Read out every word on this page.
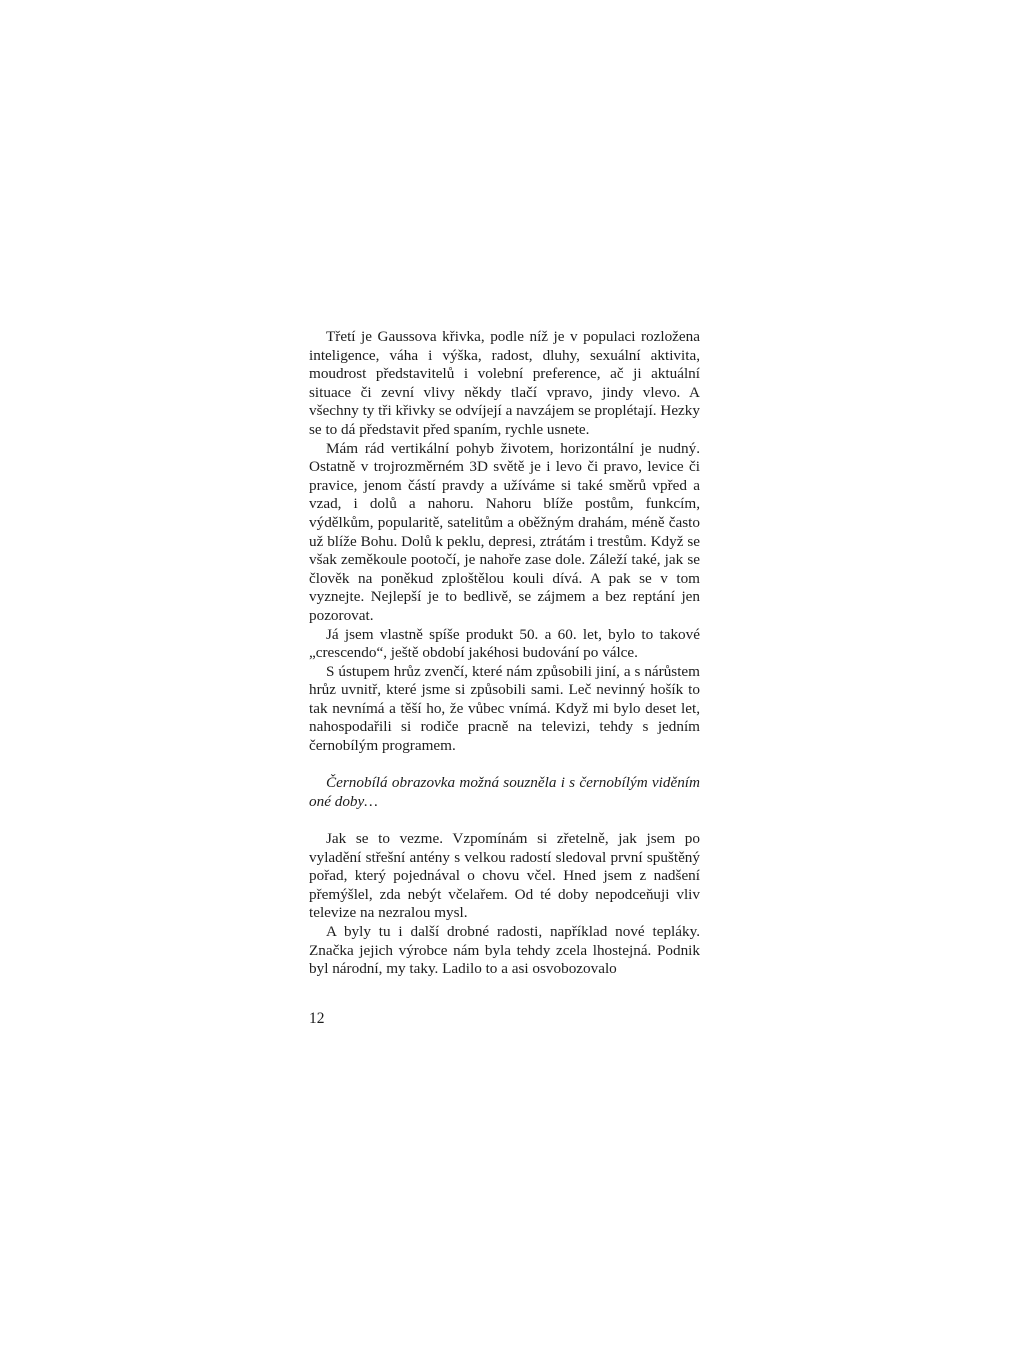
Třetí je Gaussova křivka, podle níž je v populaci rozložena inteligence, váha i výška, radost, dluhy, sexuální aktivita, moudrost představitelů i volební preference, ač ji aktuální situace či zevní vlivy někdy tlačí vpravo, jindy vlevo. A všechny ty tři křivky se odvíjejí a navzájem se proplétají. Hezky se to dá představit před spaním, rychle usnete.

Mám rád vertikální pohyb životem, horizontální je nudný. Ostatně v trojrozměrném 3D světě je i levo či pravo, levice či pravice, jenom částí pravdy a užíváme si také směrů vpřed a vzad, i dolů a nahoru. Nahoru blíže postům, funkcím, výdělkům, popularitě, satelitům a oběžným drahám, méně často už blíže Bohu. Dolů k peklu, depresi, ztrátám i trestům. Když se však zeměkoule pootočí, je nahoře zase dole. Záleží také, jak se člověk na poněkud zploštělou kouli dívá. A pak se v tom vyznejte. Nejlepší je to bedlivě, se zájmem a bez reptání jen pozorovat.

Já jsem vlastně spíše produkt 50. a 60. let, bylo to takové „crescendo“, ještě období jakéhosi budování po válce.

S ústupem hrůz zvenčí, které nám způsobili jiní, a s nárůstem hrůz uvnitř, které jsme si způsobili sami. Leč nevinný hošík to tak nevnímá a těší ho, že vůbec vnímá. Když mi bylo deset let, nahospodařili si rodiče pracně na televizi, tehdy s jedním černobílým programem.

Černobílá obrazovka možná souzněla i s černobílým viděním oné doby…

Jak se to vezme. Vzpomínám si zřetelně, jak jsem po vyladění střešní antény s velkou radostí sledoval první spuštěný pořad, který pojednával o chovu včel. Hned jsem z nadšení přemýšlel, zda nebýt včelařem. Od té doby nepodceňuji vliv televize na nezralou mysl.

A byly tu i další drobné radosti, například nové tepláky. Značka jejich výrobce nám byla tehdy zcela lhostejná. Podnik byl národní, my taky. Ladilo to a asi osvobozovalo

12
